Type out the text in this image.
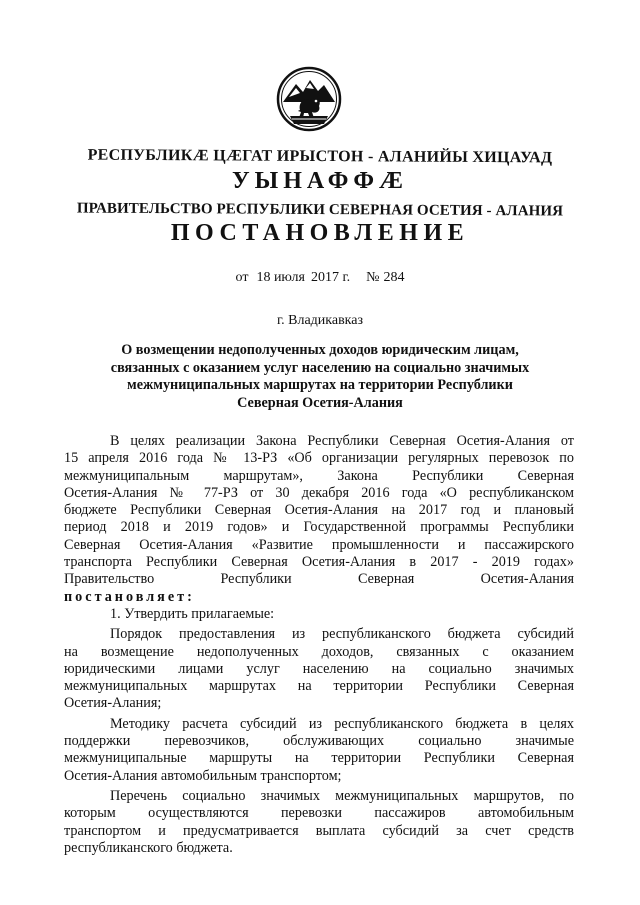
РЕСПУБЛИКӔ ЦӔГАТ ИРЫСТОН - АЛАНИЙЫ ХИЦАУАД
УЫНАФФӔ
ПРАВИТЕЛЬСТВО РЕСПУБЛИКИ СЕВЕРНАЯ ОСЕТИЯ - АЛАНИЯ
ПОСТАНОВЛЕНИЕ
от 18 июля 2017 г. № 284
г. Владикавказ
О возмещении недополученных доходов юридическим лицам,
связанных с оказанием услуг населению на социально значимых
межмуниципальных маршрутах на территории Республики
Северная Осетия-Алания
В целях реализации Закона Республики Северная Осетия-Алания от
15 апреля 2016 года № 13-РЗ «Об организации регулярных перевозок по
межмуниципальным маршрутам», Закона Республики Северная
Осетия-Алания № 77-РЗ от 30 декабря 2016 года «О республиканском
бюджете Республики Северная Осетия-Алания на 2017 год и плановый
период 2018 и 2019 годов» и Государственной программы Республики
Северная Осетия-Алания «Развитие промышленности и пассажирского
транспорта Республики Северная Осетия-Алания в 2017 - 2019 годах»
Правительство Республики Северная Осетия-Алания
постановляет:
1. Утвердить прилагаемые:
Порядок предоставления из республиканского бюджета субсидий
на возмещение недополученных доходов, связанных с оказанием
юридическими лицами услуг населению на социально значимых
межмуниципальных маршрутах на территории Республики Северная
Осетия-Алания;
Методику расчета субсидий из республиканского бюджета в целях
поддержки перевозчиков, обслуживающих социально значимые
межмуниципальные маршруты на территории Республики Северная
Осетия-Алания автомобильным транспортом;
Перечень социально значимых межмуниципальных маршрутов, по
которым осуществляются перевозки пассажиров автомобильным
транспортом и предусматривается выплата субсидий за счет средств
республиканского бюджета.
